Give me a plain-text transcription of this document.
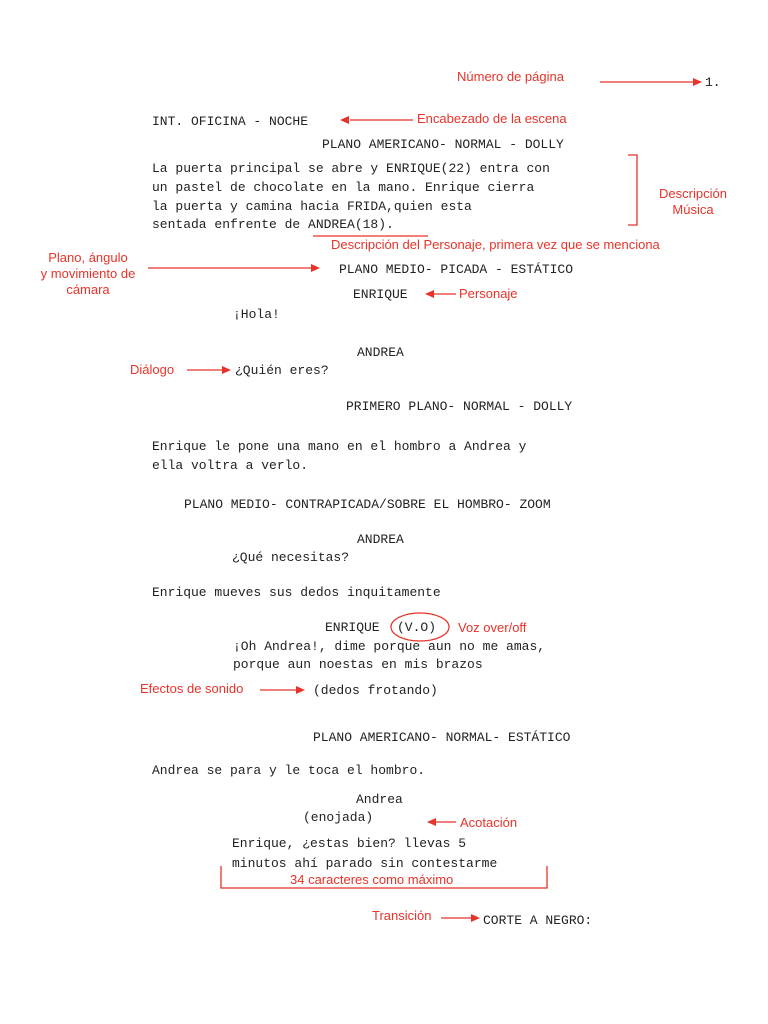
1.
INT. OFICINA - NOCHE
PLANO AMERICANO- NORMAL - DOLLY
La puerta principal se abre y ENRIQUE(22) entra con
un pastel de chocolate en la mano. Enrique cierra
la puerta y camina hacia FRIDA,quien esta
sentada enfrente de ANDREA(18).
PLANO MEDIO- PICADA - ESTÁTICO
ENRIQUE
¡Hola!
ANDREA
¿Quién eres?
PRIMERO PLANO- NORMAL - DOLLY
Enrique le pone una mano en el hombro a Andrea y
ella voltra a verlo.
PLANO MEDIO- CONTRAPICADA/SOBRE EL HOMBRO- ZOOM
ANDREA
¿Qué necesitas?
Enrique mueves sus dedos inquitamente
ENRIQUE (V.O)
¡Oh Andrea!, dime porque aun no me amas,
porque aun noestas en mis brazos
(dedos frotando)
PLANO AMERICANO- NORMAL- ESTÁTICO
Andrea se para y le toca el hombro.
Andrea
(enojada)
Enrique, ¿estas bien? llevas 5
minutos ahí parado sin contestarme
CORTE A NEGRO:
Número de página
Encabezado de la escena
Descripción
Música
Descripción del Personaje, primera vez que se menciona
Plano, ángulo
y movimiento de
cámara	Personaje
Diálogo
Voz over/off
Efectos de sonido
Acotación
34 caracteres como máximo
Transición
